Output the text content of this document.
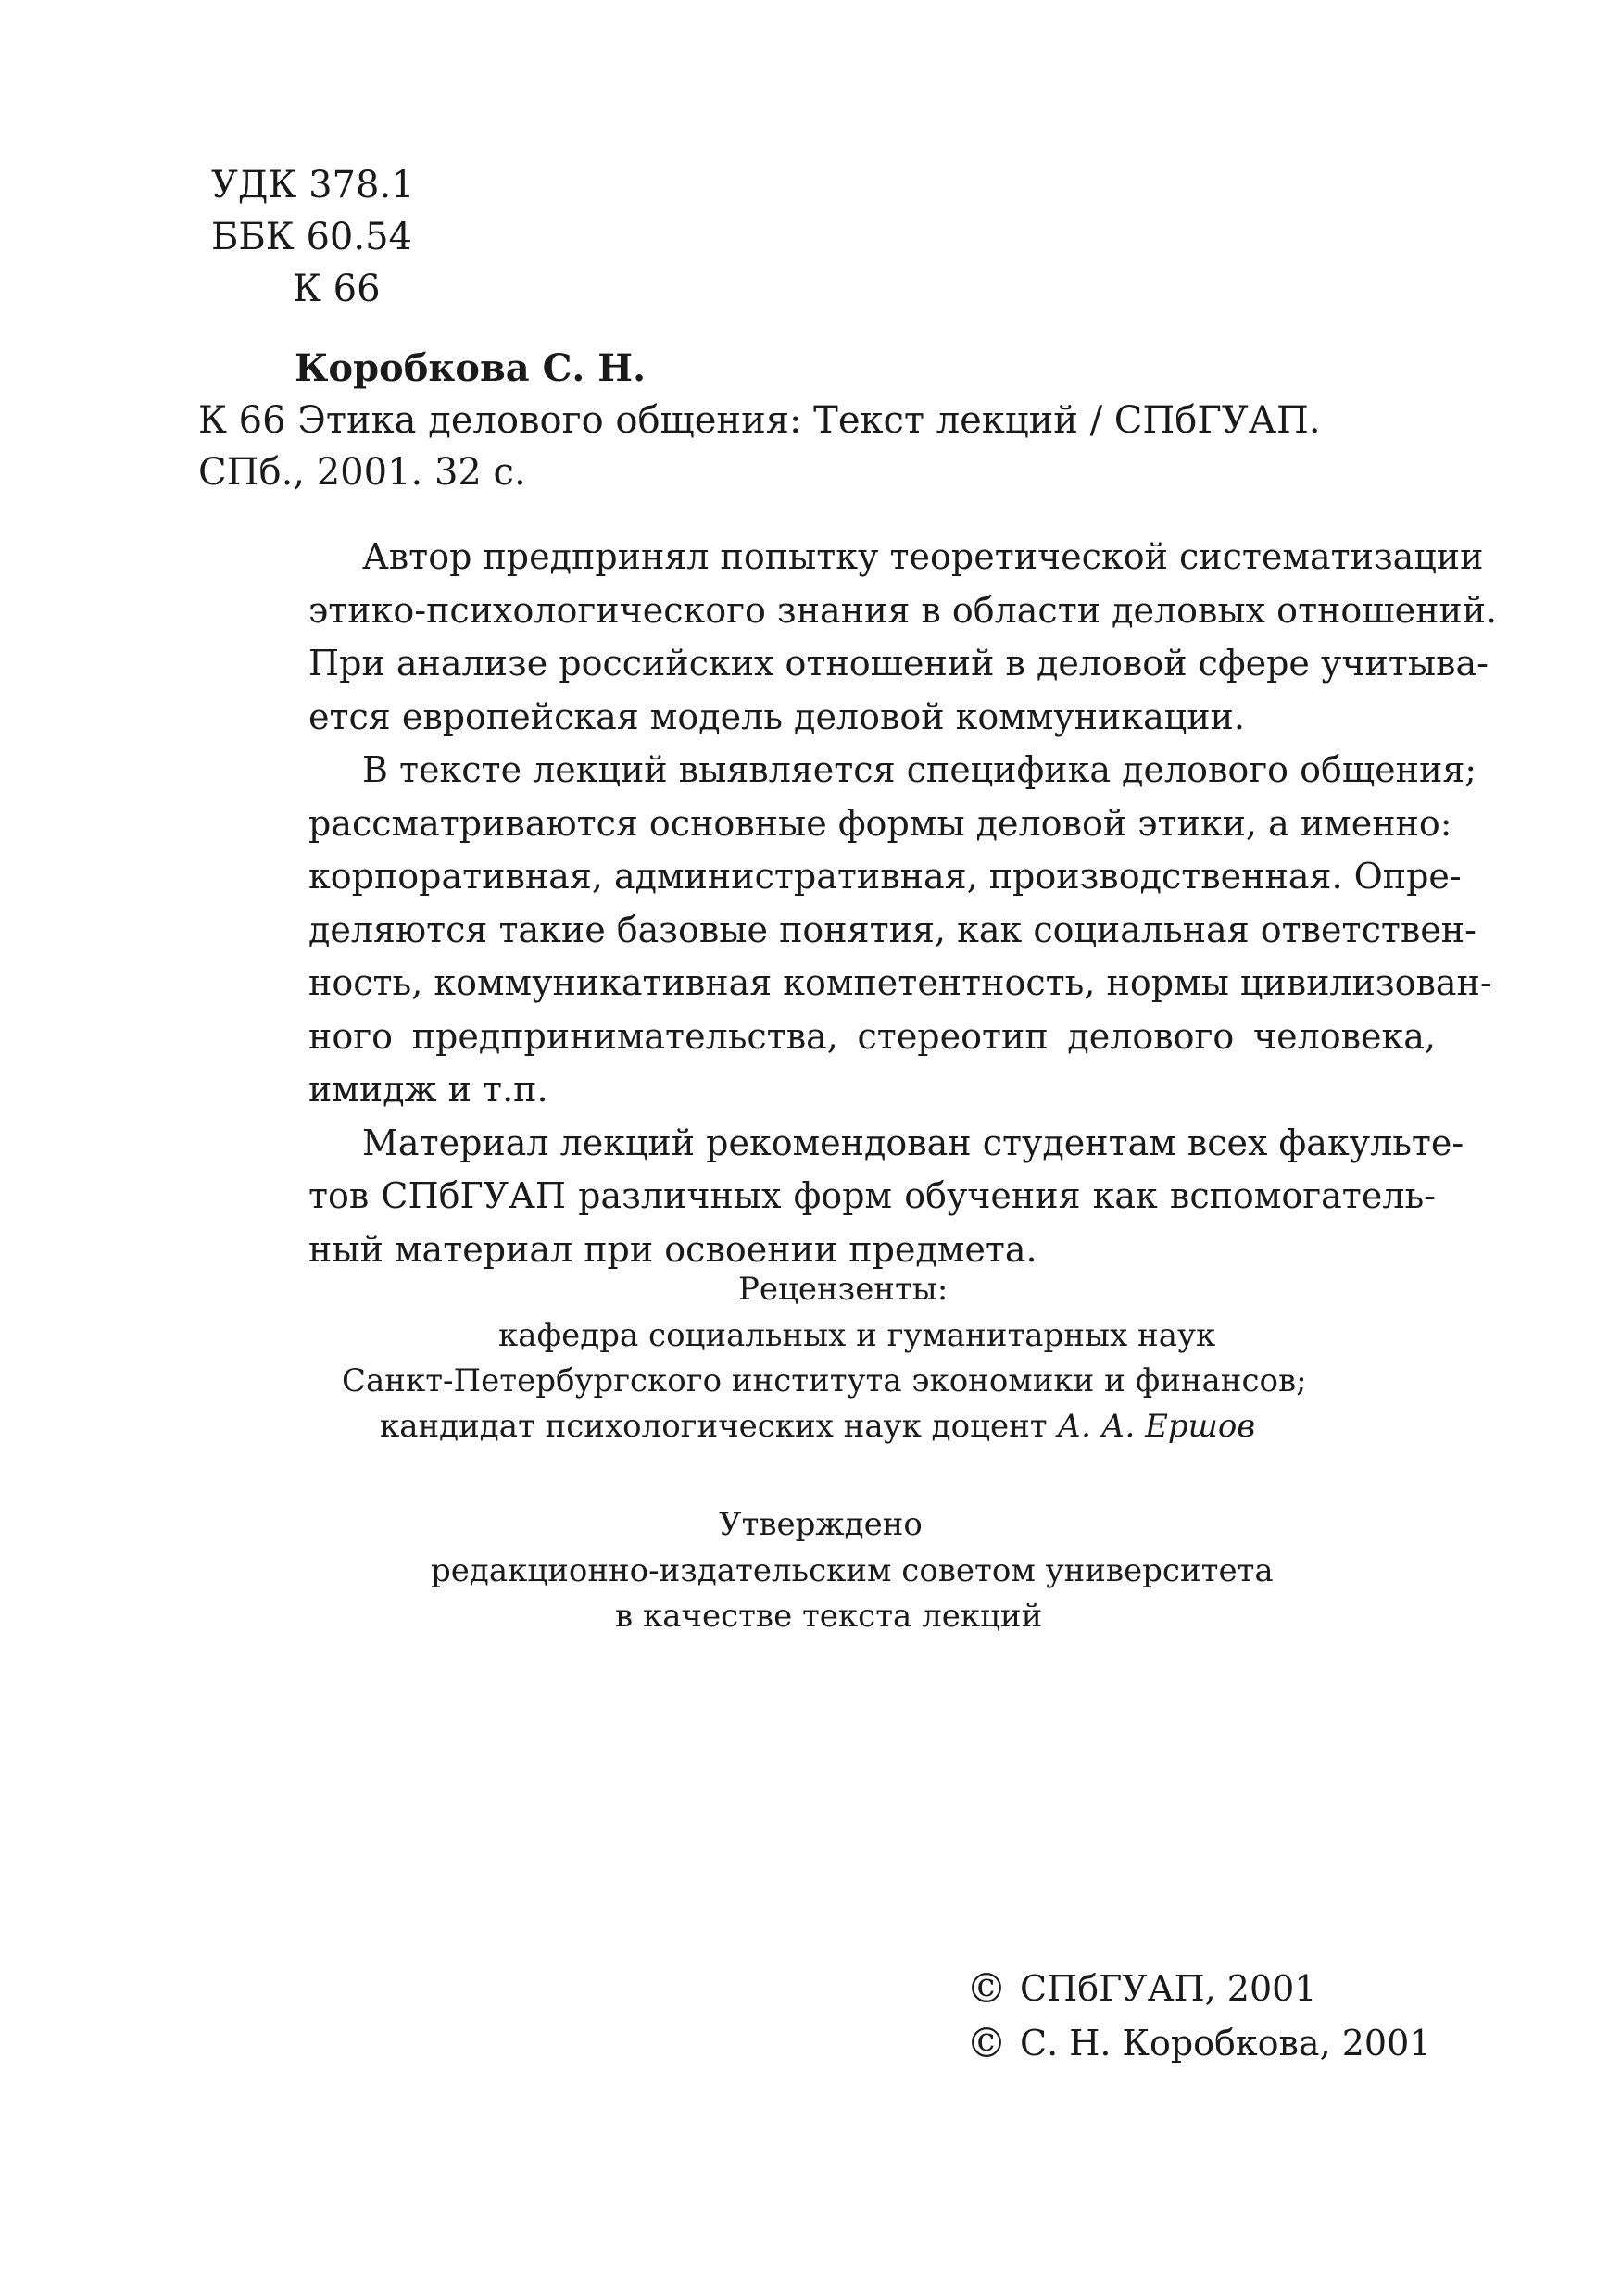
УДК 378.1
ББК 60.54
К 66
Коробкова С. Н.
К 66 Этика делового общения: Текст лекций / СПбГУАП.
СПб., 2001. 32 с.
Автор предпринял попытку теоретической систематизации
этико-психологического знания в области деловых отношений.
При анализе российских отношений в деловой сфере учитыва-
ется европейская модель деловой коммуникации.
В тексте лекций выявляется специфика делового общения;
рассматриваются основные формы деловой этики, а именно:
корпоративная, административная, производственная. Опре-
деляются такие базовые понятия, как социальная ответствен-
ность, коммуникативная компетентность, нормы цивилизован-
ного предпринимательства, стереотип делового человека,
имидж и т.п.
Материал лекций рекомендован студентам всех факульте-
тов СПбГУАП различных форм обучения как вспомогатель-
ный материал при освоении предмета.
Рецензенты:
кафедра социальных и гуманитарных наук
Санкт-Петербургского института экономики и финансов;
кандидат психологических наук доцент А. А. Ершов
Утверждено
редакционно-издательским советом университета
в качестве текста лекций
© СПбГУАП, 2001
© С. Н. Коробкова, 2001
